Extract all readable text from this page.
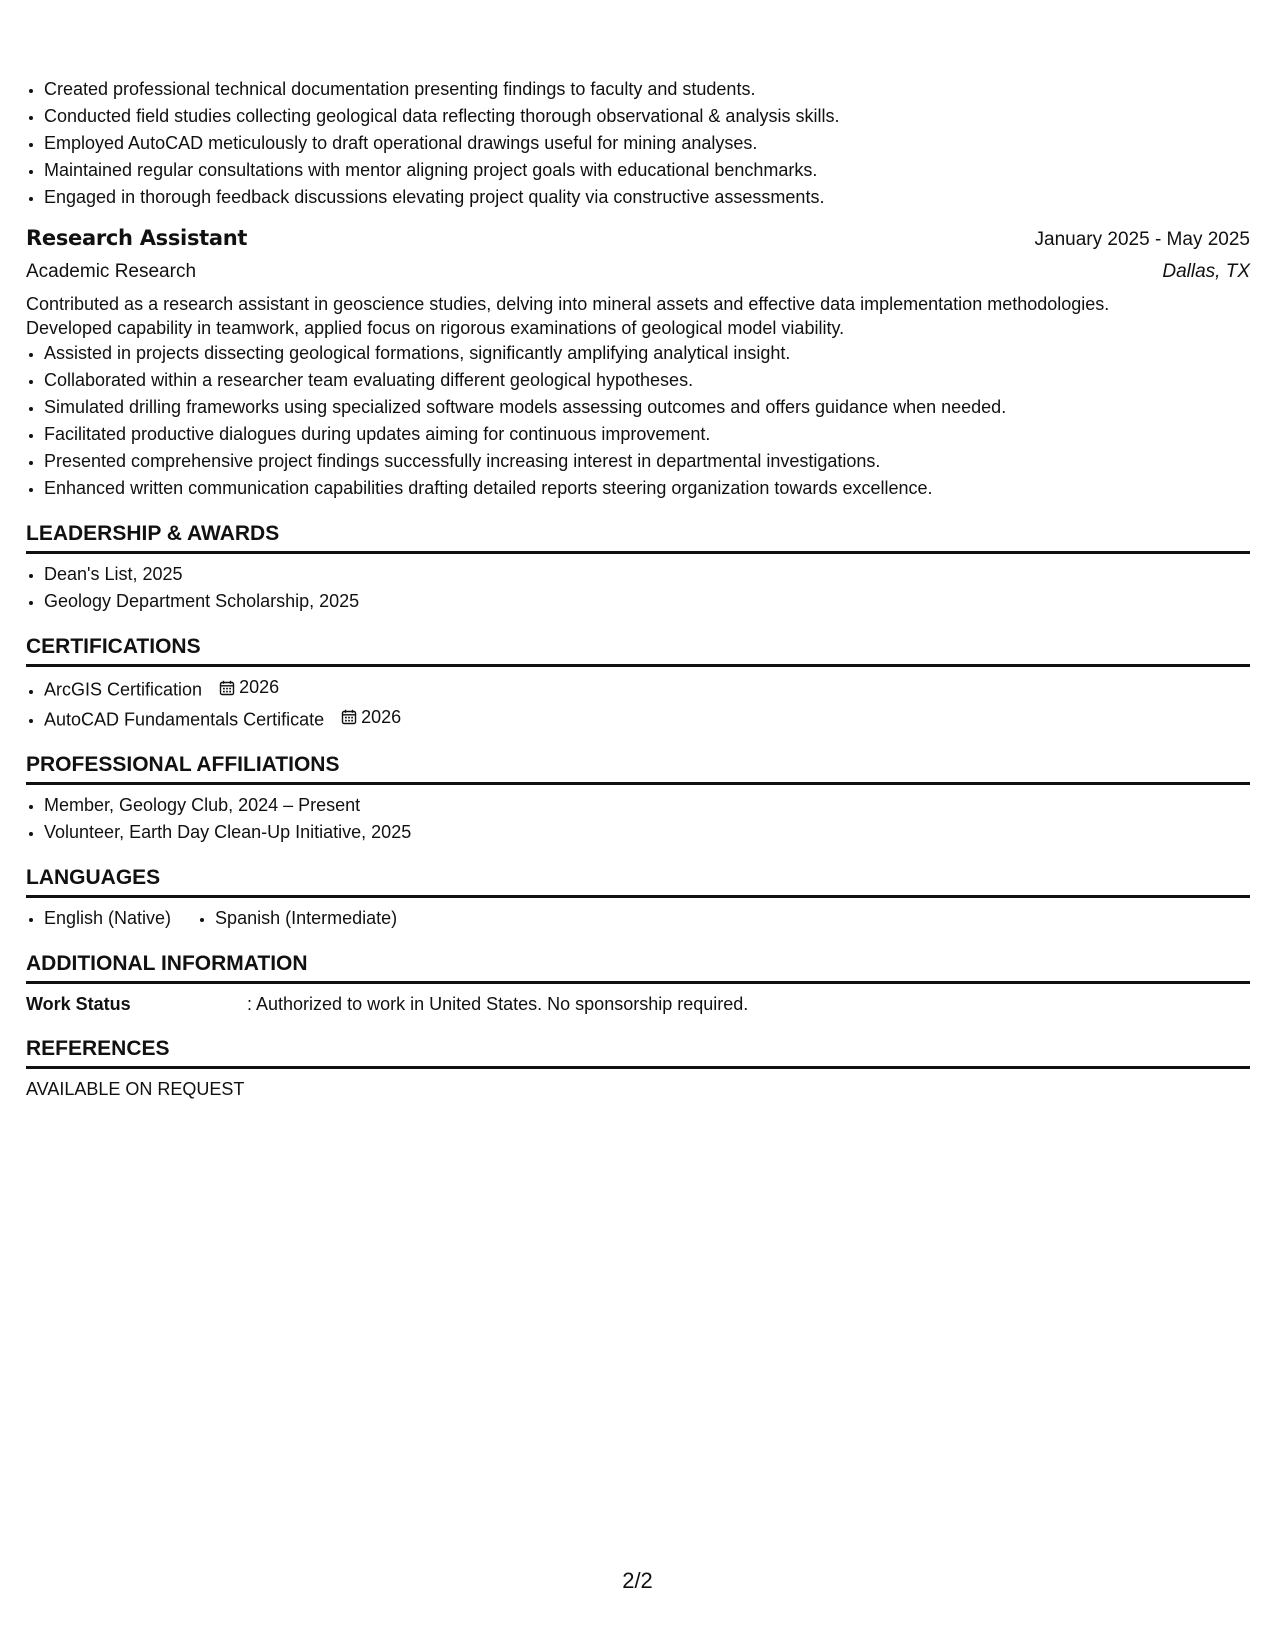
• Created professional technical documentation presenting findings to faculty and students.
• Conducted field studies collecting geological data reflecting thorough observational & analysis skills.
• Employed AutoCAD meticulously to draft operational drawings useful for mining analyses.
• Maintained regular consultations with mentor aligning project goals with educational benchmarks.
• Engaged in thorough feedback discussions elevating project quality via constructive assessments.
Research Assistant	January 2025 - May 2025
Academic Research	Dallas, TX
Contributed as a research assistant in geoscience studies, delving into mineral assets and effective data implementation methodologies.
Developed capability in teamwork, applied focus on rigorous examinations of geological model viability.
• Assisted in projects dissecting geological formations, significantly amplifying analytical insight.
• Collaborated within a researcher team evaluating different geological hypotheses.
• Simulated drilling frameworks using specialized software models assessing outcomes and offers guidance when needed.
• Facilitated productive dialogues during updates aiming for continuous improvement.
• Presented comprehensive project findings successfully increasing interest in departmental investigations.
• Enhanced written communication capabilities drafting detailed reports steering organization towards excellence.
LEADERSHIP & AWARDS
• Dean's List, 2025
• Geology Department Scholarship, 2025
CERTIFICATIONS
• ArcGIS Certification 2026
• AutoCAD Fundamentals Certificate 2026
PROFESSIONAL AFFILIATIONS
• Member, Geology Club, 2024 – Present
• Volunteer, Earth Day Clean-Up Initiative, 2025
LANGUAGES
• English (Native)
• Spanish (Intermediate)
ADDITIONAL INFORMATION
Work Status	: Authorized to work in United States. No sponsorship required.
REFERENCES
AVAILABLE ON REQUEST
2/2
